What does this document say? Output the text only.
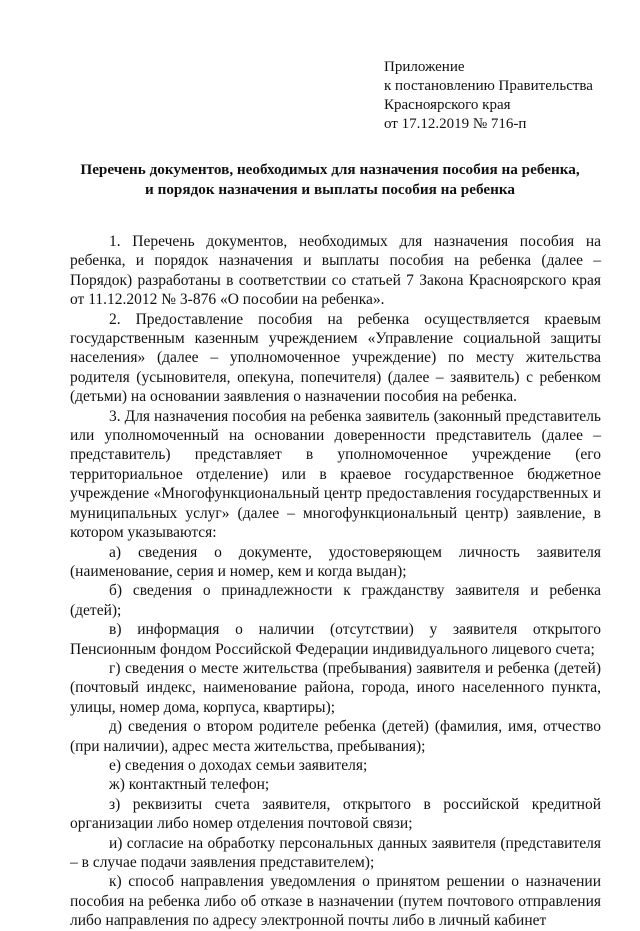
Приложение
к постановлению Правительства
Красноярского края
от 17.12.2019 № 716-п
Перечень документов, необходимых для назначения пособия на ребенка,
и порядок назначения и выплаты пособия на ребенка

1. Перечень документов, необходимых для назначения пособия на ребенка, и порядок назначения и выплаты пособия на ребенка (далее – Порядок) разработаны в соответствии со статьей 7 Закона Красноярского края от 11.12.2012 № 3-876 «О пособии на ребенка».

2. Предоставление пособия на ребенка осуществляется краевым государственным казенным учреждением «Управление социальной защиты населения» (далее – уполномоченное учреждение) по месту жительства родителя (усыновителя, опекуна, попечителя) (далее – заявитель) с ребенком (детьми) на основании заявления о назначении пособия на ребенка.

3. Для назначения пособия на ребенка заявитель (законный представитель или уполномоченный на основании доверенности представитель (далее – представитель) представляет в уполномоченное учреждение (его территориальное отделение) или в краевое государственное бюджетное учреждение «Многофункциональный центр предоставления государственных и муниципальных услуг» (далее – многофункциональный центр) заявление, в котором указываются:

а) сведения о документе, удостоверяющем личность заявителя (наименование, серия и номер, кем и когда выдан);

б) сведения о принадлежности к гражданству заявителя и ребенка (детей);

в) информация о наличии (отсутствии) у заявителя открытого Пенсионным фондом Российской Федерации индивидуального лицевого счета;

г) сведения о месте жительства (пребывания) заявителя и ребенка (детей) (почтовый индекс, наименование района, города, иного населенного пункта, улицы, номер дома, корпуса, квартиры);

д) сведения о втором родителе ребенка (детей) (фамилия, имя, отчество (при наличии), адрес места жительства, пребывания);

е) сведения о доходах семьи заявителя;

ж) контактный телефон;

з) реквизиты счета заявителя, открытого в российской кредитной организации либо номер отделения почтовой связи;

и) согласие на обработку персональных данных заявителя (представителя – в случае подачи заявления представителем);

к) способ направления уведомления о принятом решении о назначении пособия на ребенка либо об отказе в назначении (путем почтового отправления либо направления по адресу электронной почты либо в личный кабинет
